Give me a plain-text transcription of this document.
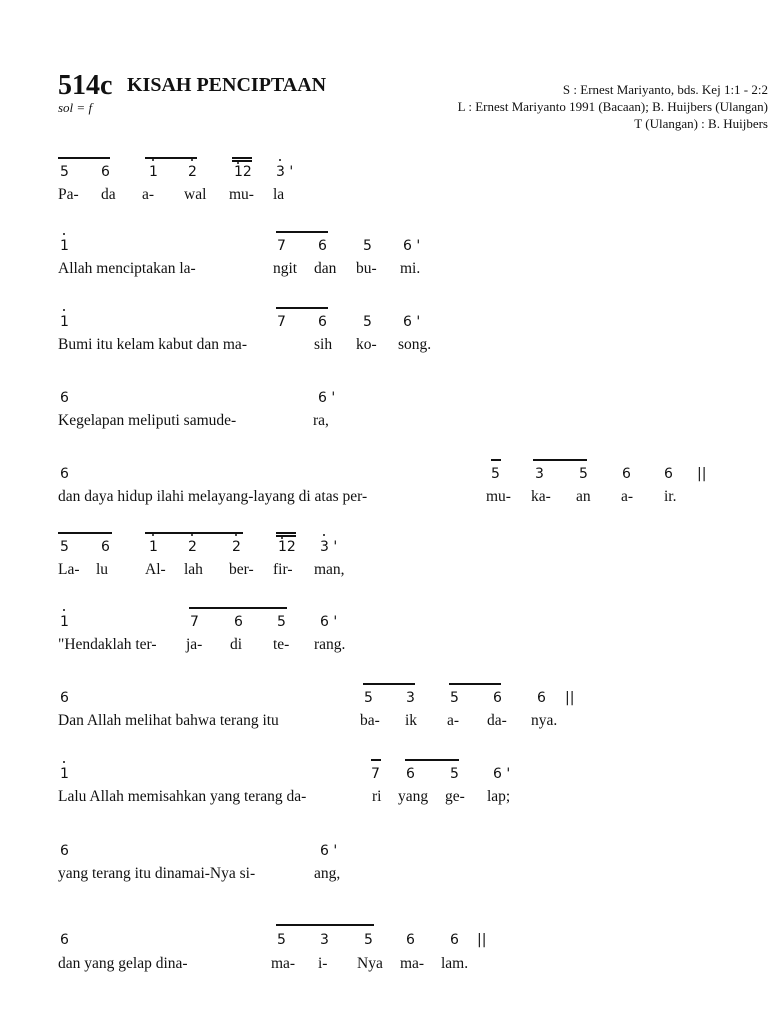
514c KISAH PENCIPTAAN
sol = f
S : Ernest Mariyanto, bds. Kej 1:1 - 2:2
L : Ernest Mariyanto 1991 (Bacaan); B. Huijbers (Ulangan)
T (Ulangan) : B. Huijbers
5 6	1 2	12 3 '
Pa- da a- wal mu- la
1	7 6	5 6 '
Allah menciptakan la-	ngit dan bu- mi.
1	7 6	5 6 '
Bumi itu kelam kabut dan ma-	sih ko- song.
6	6 '
Kegelapan meliputi samude-	ra,
6	5	3	5 6 6 ||
dan daya hidup ilahi melayang-layang di atas per-	mu- ka- an a- ir.
5 6	1 2	2	12 3 '
La- lu Al- lah ber- fir- man,
1	7	6 5 6 '
"Hendaklah ter- ja- di te- rang.
6	5 3	5 6	6 ||
Dan Allah melihat bahwa terang itu	ba- ik a- da- nya.
1	7 6	5 6 '
Lalu Allah memisahkan yang terang da-	ri yang ge- lap;
6	6 '
yang terang itu dinamai-Nya si-	ang,
6	5 3	5 6	6 ||
dan yang gelap dina-	ma- i- Nya ma- lam.
